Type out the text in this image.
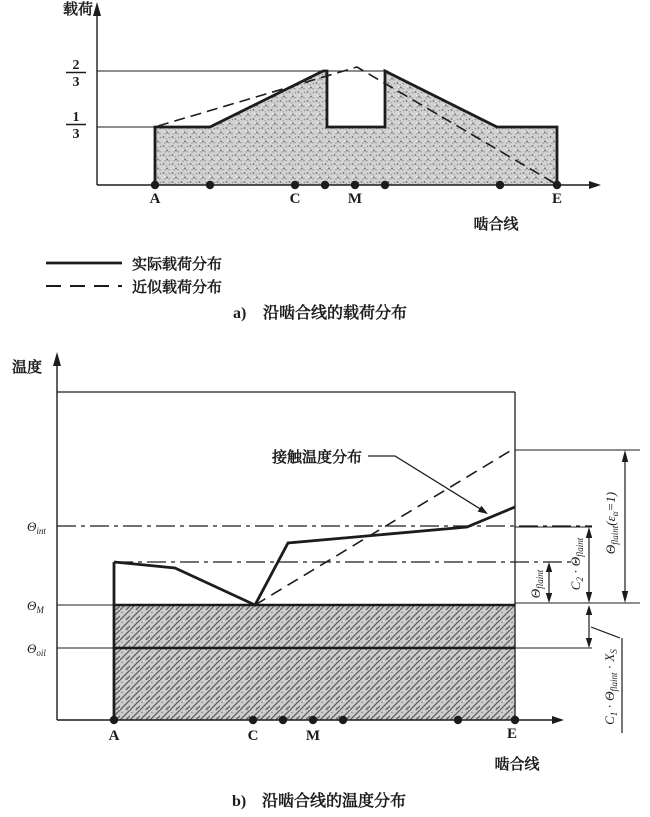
2
3
1
3
载荷
啮合线
A	C	M	E
实际载荷分布
近似载荷分布
a) 沿啮合线的载荷分布
接触温度分布
$\Theta_{flaint}$ $C_2 \cdot \Theta_{flaint}$ $\Theta_{flaint}(\varepsilon_\alpha=1)$
$C_1 \cdot \Theta_{flaint} \cdot X_S$
$\Theta_{int}$
$\Theta_M$
$\Theta_{oil}$
温度
啮合线
A	C	M	E
b) 沿啮合线的温度分布
